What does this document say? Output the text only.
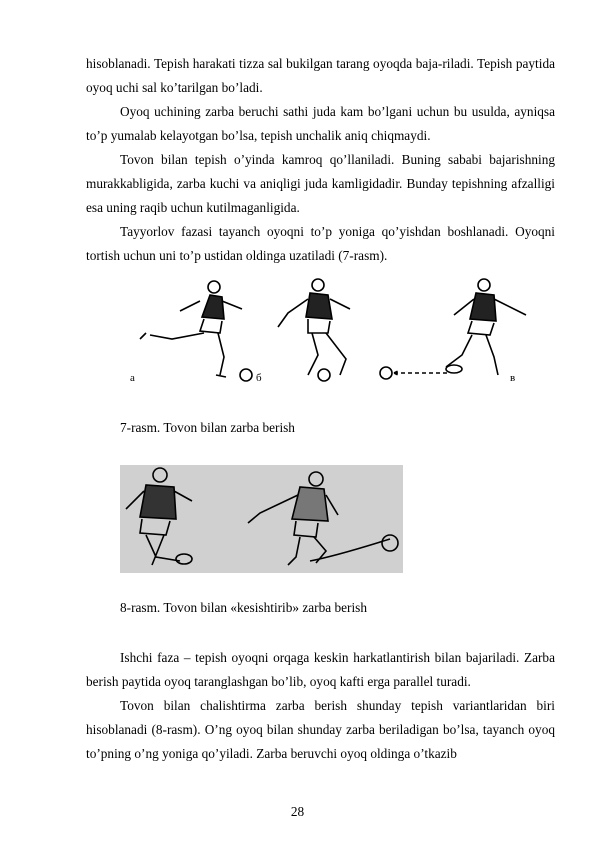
hisoblanadi. Tepish harakati tizza sal bukilgan tarang oyoqda baja-riladi. Tepish paytida oyoq uchi sal ko’tarilgan bo’ladi.

Oyoq uchining zarba beruchi sathi juda kam bo’lgani uchun bu usulda, ayniqsa to’p yumalab kelayotgan bo’lsa, tepish unchalik aniq chiqmaydi.

Tovon bilan tepish o’yinda kamroq qo’llaniladi. Buning sababi bajarishning murakkabligida, zarba kuchi va aniqligi juda kamligidadir. Bunday tepishning afzalligi esa uning raqib uchun kutilmaganligida.

Tayyorlov fazasi tayanch oyoqni to’p yoniga qo’yishdan boshlanadi. Oyoqni tortish uchun uni to’p ustidan oldinga uzatiladi (7-rasm).

a	б	в

7-rasm. Tovon bilan zarba berish

8-rasm. Tovon bilan «kesishtirib» zarba berish

Ishchi faza – tepish oyoqni orqaga keskin harkatlantirish bilan bajariladi. Zarba berish paytida oyoq taranglashgan bo’lib, oyoq kafti erga parallel turadi.

Tovon bilan chalishtirma zarba berish shunday tepish variantlaridan biri hisoblanadi (8-rasm). O’ng oyoq bilan shunday zarba beriladigan bo’lsa, tayanch oyoq to’pning o’ng yoniga qo’yiladi. Zarba beruvchi oyoq oldinga o’tkazib

28
